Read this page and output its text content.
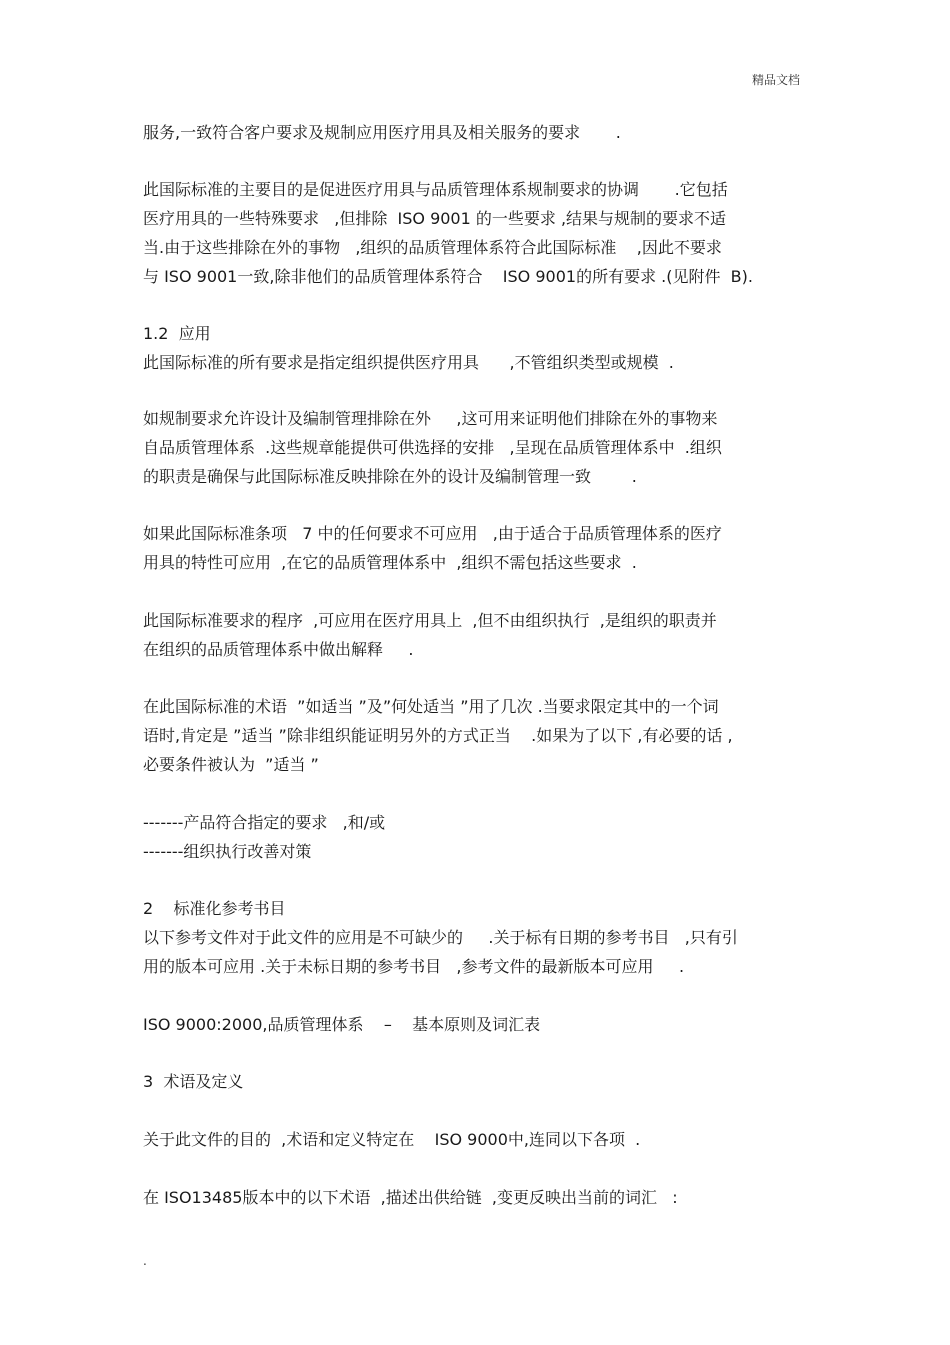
精品文档
服务,一致符合客户要求及规制应用医疗用具及相关服务的要求       .
此国际标准的主要目的是促进医疗用具与品质管理体系规制要求的协调       .它包括
医疗用具的一些特殊要求   ,但排除  ISO 9001 的一些要求 ,结果与规制的要求不适
当.由于这些排除在外的事物   ,组织的品质管理体系符合此国际标准    ,因此不要求
与 ISO 9001一致,除非他们的品质管理体系符合    ISO 9001的所有要求 .(见附件  B).
1.2  应用
此国际标准的所有要求是指定组织提供医疗用具      ,不管组织类型或规模  .
如规制要求允许设计及编制管理排除在外     ,这可用来证明他们排除在外的事物来
自品质管理体系  .这些规章能提供可供选择的安排   ,呈现在品质管理体系中  .组织
的职责是确保与此国际标准反映排除在外的设计及编制管理一致        .
如果此国际标准条项   7 中的任何要求不可应用   ,由于适合于品质管理体系的医疗
用具的特性可应用  ,在它的品质管理体系中  ,组织不需包括这些要求  .
此国际标准要求的程序  ,可应用在医疗用具上  ,但不由组织执行  ,是组织的职责并
在组织的品质管理体系中做出解释     .
在此国际标准的术语  ”如适当 ”及”何处适当 ”用了几次 .当要求限定其中的一个词
语时,肯定是 ”适当 ”除非组织能证明另外的方式正当    .如果为了以下 ,有必要的话 ,
必要条件被认为  ”适当 ”
-------产品符合指定的要求   ,和/或
-------组织执行改善对策
2    标准化参考书目
以下参考文件对于此文件的应用是不可缺少的     .关于标有日期的参考书目   ,只有引
用的版本可应用 .关于未标日期的参考书目   ,参考文件的最新版本可应用     .
ISO 9000:2000,品质管理体系    –    基本原则及词汇表
3  术语及定义
关于此文件的目的  ,术语和定义特定在    ISO 9000中,连同以下各项  .
在 ISO13485版本中的以下术语  ,描述出供给链  ,变更反映出当前的词汇   :
.
